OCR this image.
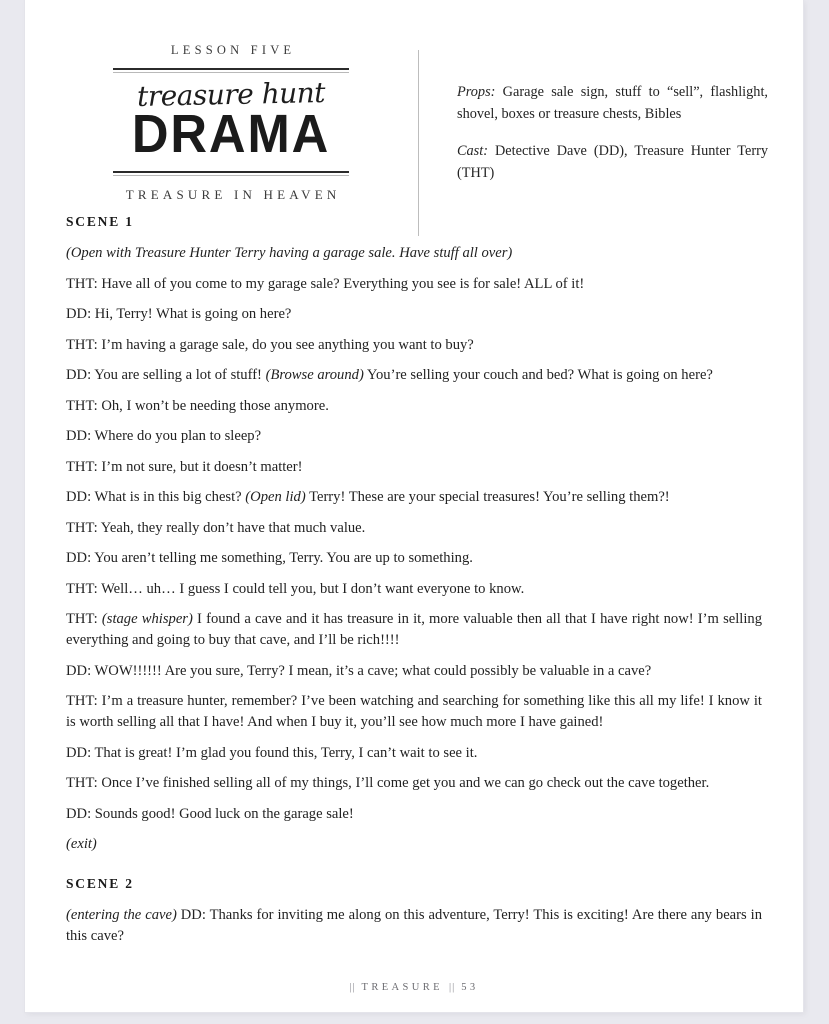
LESSON FIVE
treasure hunt
DRAMA
TREASURE IN HEAVEN

Props: Garage sale sign, stuff to “sell”, flashlight, shovel, boxes or treasure chests, Bibles

Cast: Detective Dave (DD), Treasure Hunter Terry (THT)

SCENE 1

(Open with Treasure Hunter Terry having a garage sale. Have stuff all over)

THT: Have all of you come to my garage sale? Everything you see is for sale! ALL of it!

DD: Hi, Terry! What is going on here?

THT: I’m having a garage sale, do you see anything you want to buy?

DD: You are selling a lot of stuff! (Browse around) You’re selling your couch and bed? What is going on here?

THT: Oh, I won’t be needing those anymore.

DD: Where do you plan to sleep?

THT: I’m not sure, but it doesn’t matter!

DD: What is in this big chest? (Open lid) Terry! These are your special treasures! You’re selling them?!

THT: Yeah, they really don’t have that much value.

DD: You aren’t telling me something, Terry. You are up to something.

THT: Well… uh… I guess I could tell you, but I don’t want everyone to know.

THT: (stage whisper) I found a cave and it has treasure in it, more valuable then all that I have right now! I’m selling everything and going to buy that cave, and I’ll be rich!!!!

DD: WOW!!!!!! Are you sure, Terry? I mean, it’s a cave; what could possibly be valuable in a cave?

THT: I’m a treasure hunter, remember? I’ve been watching and searching for something like this all my life! I know it is worth selling all that I have! And when I buy it, you’ll see how much more I have gained!

DD: That is great! I’m glad you found this, Terry, I can’t wait to see it.

THT: Once I’ve finished selling all of my things, I’ll come get you and we can go check out the cave together.

DD: Sounds good! Good luck on the garage sale!

(exit)

SCENE 2

(entering the cave) DD: Thanks for inviting me along on this adventure, Terry! This is exciting! Are there any bears in this cave?

|| TREASURE || 53
